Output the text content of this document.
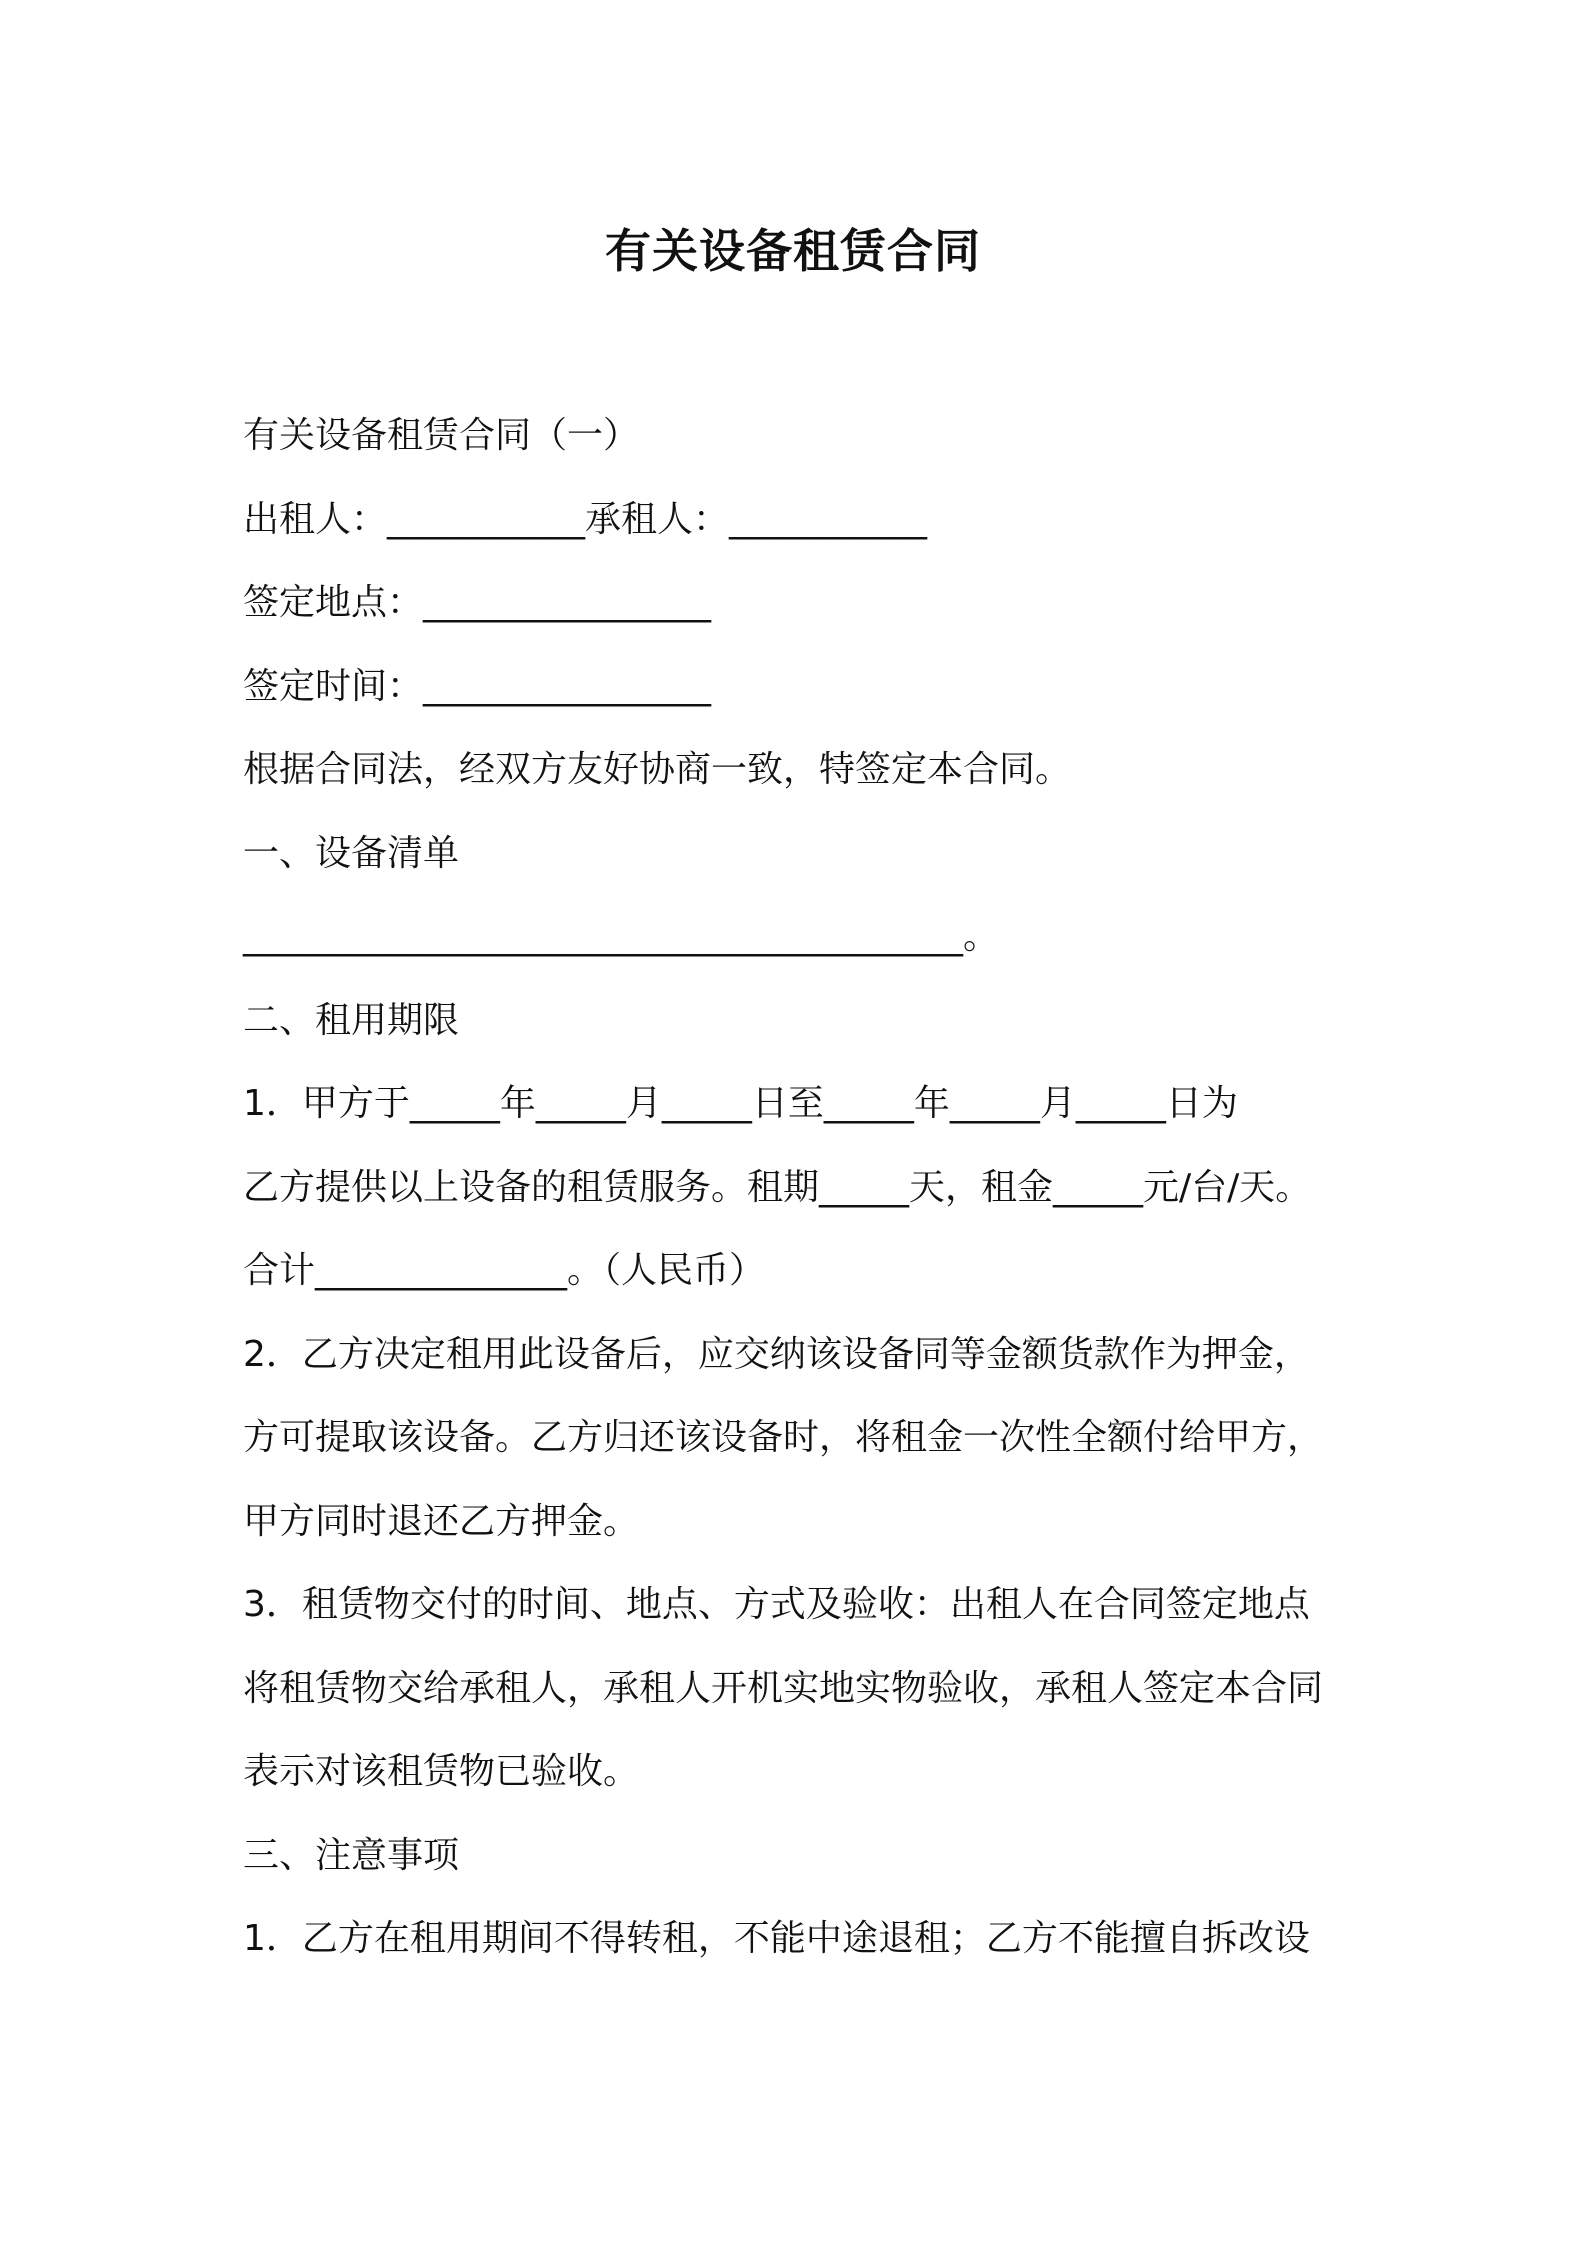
有关设备租赁合同

有关设备租赁合同（一）

出租人：___________承租人：___________

签定地点：________________

签定时间：________________

根据合同法，经双方友好协商一致，特签定本合同。

一、设备清单

________________________________________。

二、租用期限

1．甲方于_____年_____月_____日至_____年_____月_____日为

乙方提供以上设备的租赁服务。租期_____天，租金_____元/台/天。

合计______________。（人民币）

2．乙方决定租用此设备后，应交纳该设备同等金额货款作为押金，

方可提取该设备。乙方归还该设备时，将租金一次性全额付给甲方，

甲方同时退还乙方押金。

3．租赁物交付的时间、地点、方式及验收：出租人在合同签定地点

将租赁物交给承租人，承租人开机实地实物验收，承租人签定本合同

表示对该租赁物已验收。

三、注意事项

1．乙方在租用期间不得转租，不能中途退租；乙方不能擅自拆改设
